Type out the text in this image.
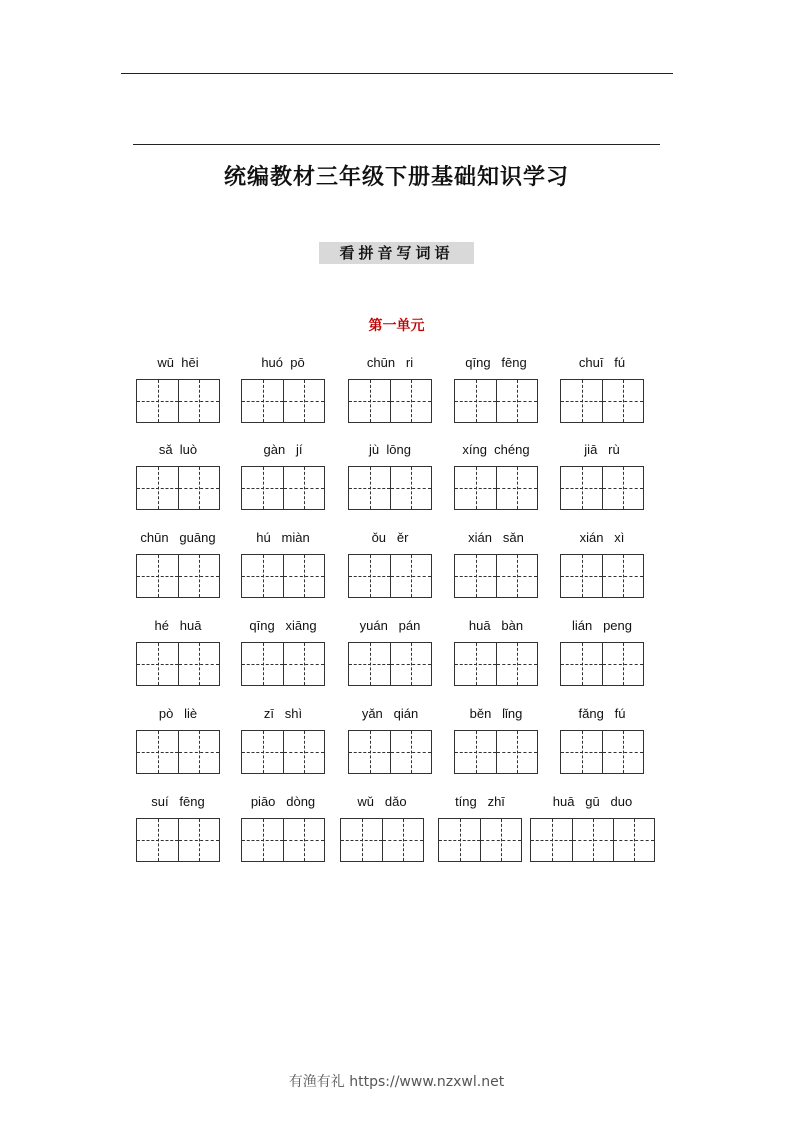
统编教材三年级下册基础知识学习
看拼音写词语
第一单元
wū  hēi	huó  pō	chūn   ri	qīng   fēng	chuī   fú
sǎ  luò	gàn   jí	jù  lōng	xíng  chéng	jiā   rù
chūn   guāng	hú   miàn	ǒu   ěr	xián   sǎn	xián   xì
hé   huā	qīng   xiāng	yuán   pán	huā   bàn	lián   peng
pò   liè	zī   shì	yǎn   qián	běn   lǐng	fǎng   fú
suí   fēng	piāo   dòng	wǔ   dǎo	tíng   zhī	huā   gū   duo
有渔有礼 https://www.nzxwl.net
